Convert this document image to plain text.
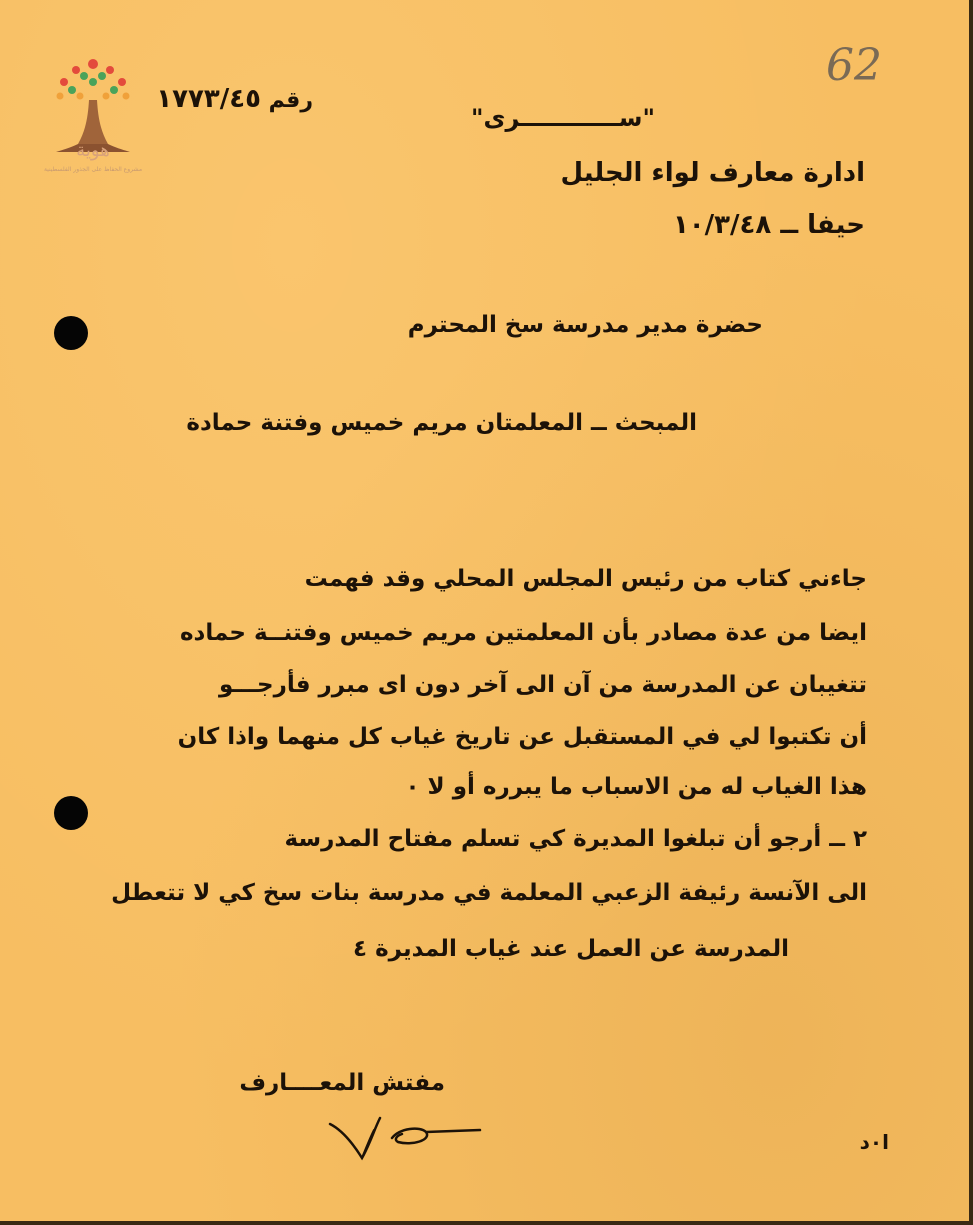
هوية
مشروع الحفاظ على الجذور الفلسطينية
62
رقم ١٧٧٣/٤٥
"ســــــــــــرى"
ادارة معارف لواء الجليل
حيفا ــ ١٠/٣/٤٨
حضرة مدير مدرسة سخ المحترم
المبحث ــ المعلمتان مريم خميس وفتنة حمادة
جاءني كتاب من رئيس المجلس المحلي وقد فهمت
ايضا من عدة مصادر بأن المعلمتين مريم خميس وفتنــة حماده
تتغيبان عن المدرسة من آن الى آخر دون اى مبرر فأرجـــو
أن تكتبوا لي في المستقبل عن تاريخ غياب كل منهما واذا كان
هذا الغياب له من الاسباب ما يبرره أو لا ٠
٢ ــ أرجو أن تبلغوا المديرة كي تسلم مفتاح المدرسة
الى الآنسة رئيفة الزعبي المعلمة في مدرسة بنات سخ كي لا تتعطل
المدرسة عن العمل عند غياب المديرة ٤
مفتش المعــــارف
ا٠د
